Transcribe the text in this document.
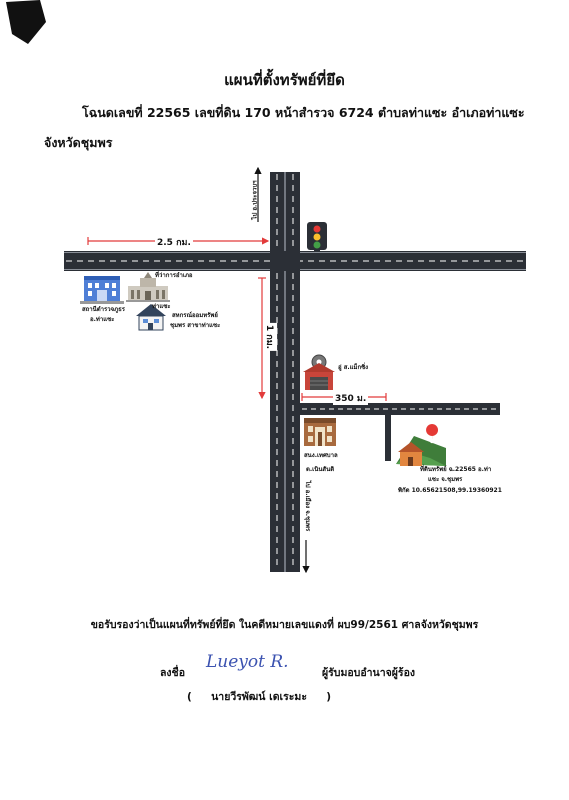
แผนที่ตั้งทรัพย์ที่ยึด
โฉนดเลขที่ 22565 เลขที่ดิน 170 หน้าสำรวจ 6724 ตำบลท่าแซะ อำเภอท่าแซะ
จังหวัดชุมพร
2.5 กม.
1 กม.
350 ม.
ไป อ.ประจวบฯ
ไป อ.เมือง จ.ชุมพร
ที่ว่าการอำเภอ
ท่าแซะ
สถานีตำรวจภูธร
อ.ท่าแซะ
สหกรณ์ออมทรัพย์
ชุมพร สาขาท่าแซะ
อู่ ส.แม็กซิ่ง
สนง.เทศบาล
ต.เนินสันติ	ที่ดินทรัพย์ ฉ.22565 อ.ท่า
แซะ จ.ชุมพร
พิกัด 10.65621508,99.19360921
ขอรับรองว่าเป็นแผนที่ทรัพย์ที่ยึด ในคดีหมายเลขแดงที่ ผบ99/2561 ศาลจังหวัดชุมพร
ลงชื่อ
Lueyot R.
ผู้รับมอบอำนาจผู้ร้อง
( นายวีรพัฒน์ เดเระมะ )
